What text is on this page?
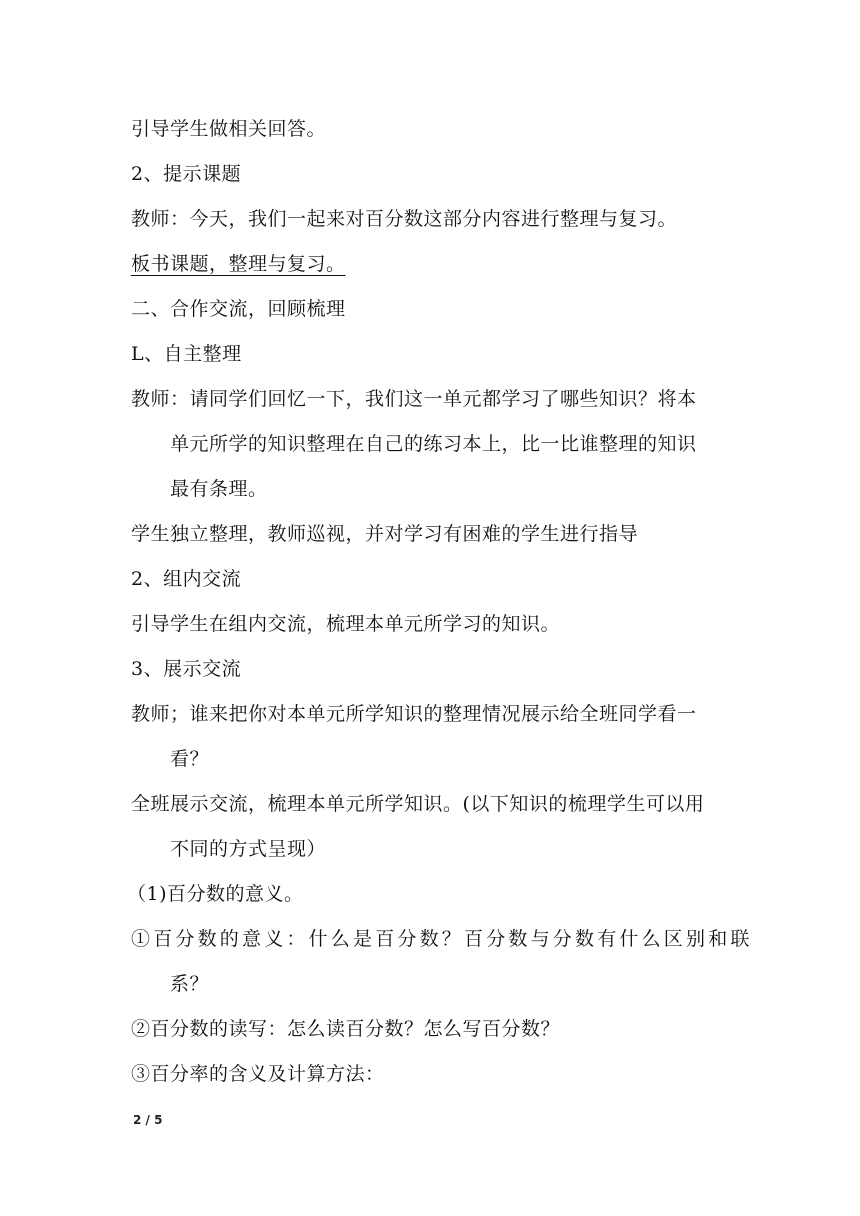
引导学生做相关回答。
2、提示课题
教师：今天，我们一起来对百分数这部分内容进行整理与复习。
板书课题，整理与复习。
二、合作交流，回顾梳理
L、自主整理
教师：请同学们回忆一下，我们这一单元都学习了哪些知识？将本
单元所学的知识整理在自己的练习本上，比一比谁整理的知识
最有条理。
学生独立整理，教师巡视，并对学习有困难的学生进行指导
2、组内交流
引导学生在组内交流，梳理本单元所学习的知识。
3、展示交流
教师；谁来把你对本单元所学知识的整理情况展示给全班同学看一
看？
全班展示交流，梳理本单元所学知识。(以下知识的梳理学生可以用
不同的方式呈现）
（1)百分数的意义。
①百分数的意义：什么是百分数？百分数与分数有什么区别和联
系？
②百分数的读写：怎么读百分数？怎么写百分数？
③百分率的含义及计算方法：
2 / 5
